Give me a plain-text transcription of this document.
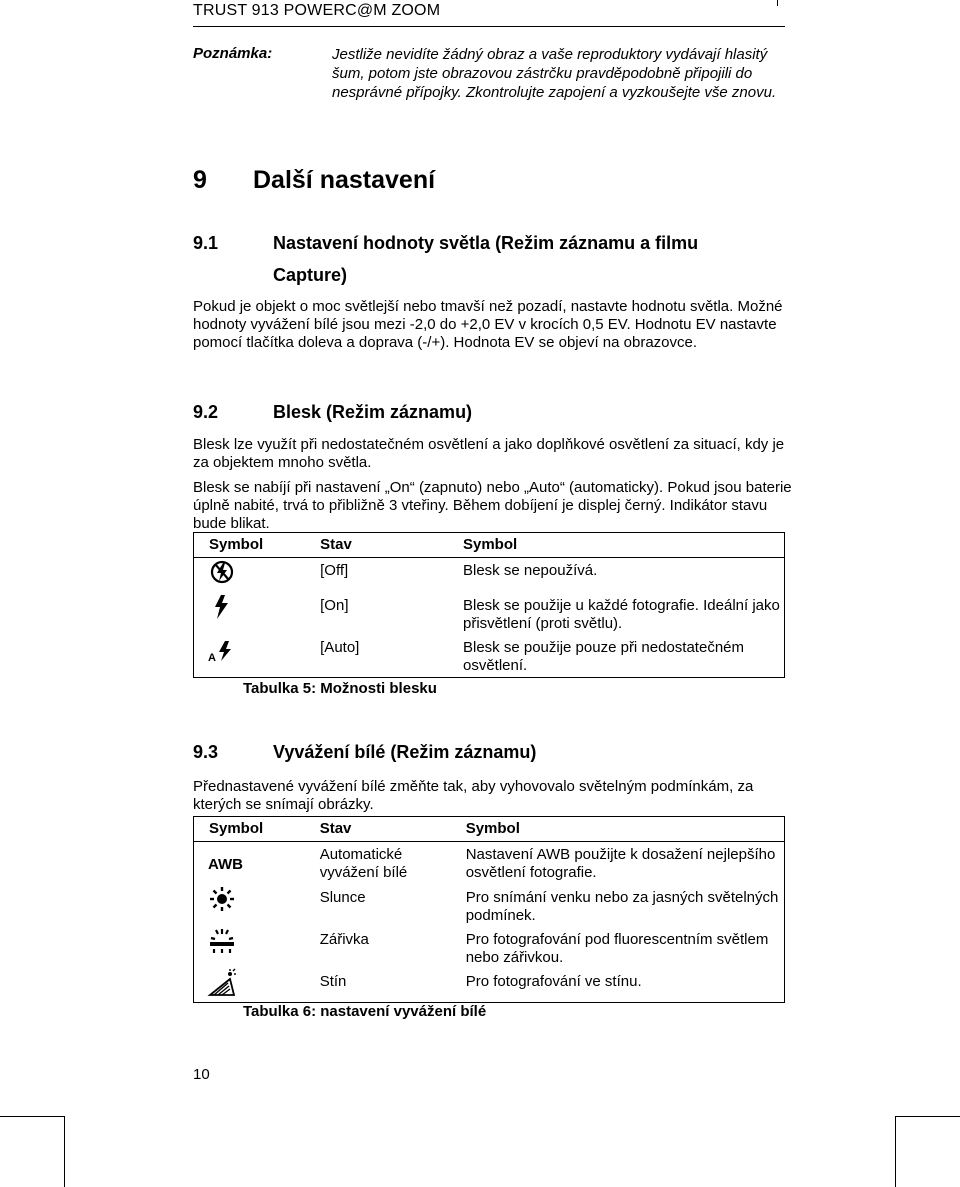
TRUST 913 POWERC@M ZOOM
Poznámka:	Jestliže nevidíte žádný obraz a vaše reproduktory vydávají hlasitý šum, potom jste obrazovou zástrčku pravděpodobně připojili do nesprávné přípojky. Zkontrolujte zapojení a vyzkoušejte vše znovu.
9 Další nastavení
9.1	Nastavení hodnoty světla (Režim záznamu a filmu
Capture)
Pokud je objekt o moc světlejší nebo tmavší než pozadí, nastavte hodnotu světla. Možné hodnoty vyvážení bílé jsou mezi -2,0 do +2,0 EV v krocích 0,5 EV. Hodnotu EV nastavte pomocí tlačítka doleva a doprava (-/+). Hodnota EV se objeví na obrazovce.
9.2	Blesk (Režim záznamu)
Blesk lze využít při nedostatečném osvětlení a jako doplňkové osvětlení za situací, kdy je za objektem mnoho světla.
Blesk se nabíjí při nastavení „On“ (zapnuto) nebo „Auto“ (automaticky). Pokud jsou baterie úplně nabité, trvá to přibližně 3 vteřiny. Během dobíjení je displej černý. Indikátor stavu bude blikat.
Symbol	Stav	Symbol
	[Off]	Blesk se nepoužívá.
	[On]	Blesk se použije u každé fotografie. Ideální jako přisvětlení (proti světlu).

A	[Auto]	Blesk se použije pouze při nedostatečném osvětlení.
Tabulka 5: Možnosti blesku
9.3	Vyvážení bílé (Režim záznamu)
Přednastavené vyvážení bílé změňte tak, aby vyhovovalo světelným podmínkám, za kterých se snímají obrázky.
Symbol	Stav	Symbol

AWB	Automatické vyvážení bílé	Nastavení AWB použijte k dosažení nejlepšího osvětlení fotografie.
	Slunce	Pro snímání venku nebo za jasných světelných podmínek.
	Zářivka	Pro fotografování pod fluorescentním světlem nebo zářivkou.
	Stín	Pro fotografování ve stínu.
Tabulka 6: nastavení vyvážení bílé
10
